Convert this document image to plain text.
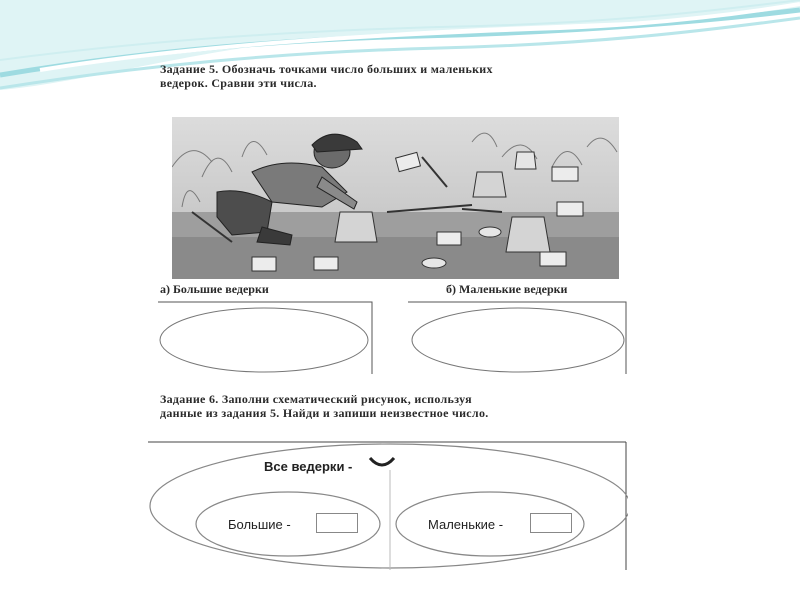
Задание 5. Обозначь точками число больших и маленьких
ведерок. Сравни эти числа.

а) Большие ведерки	б) Маленькие ведерки

Задание 6. Заполни схематический рисунок, используя
данные из задания 5. Найди и запиши неизвестное число.

Все ведерки -

Большие -	Маленькие -
